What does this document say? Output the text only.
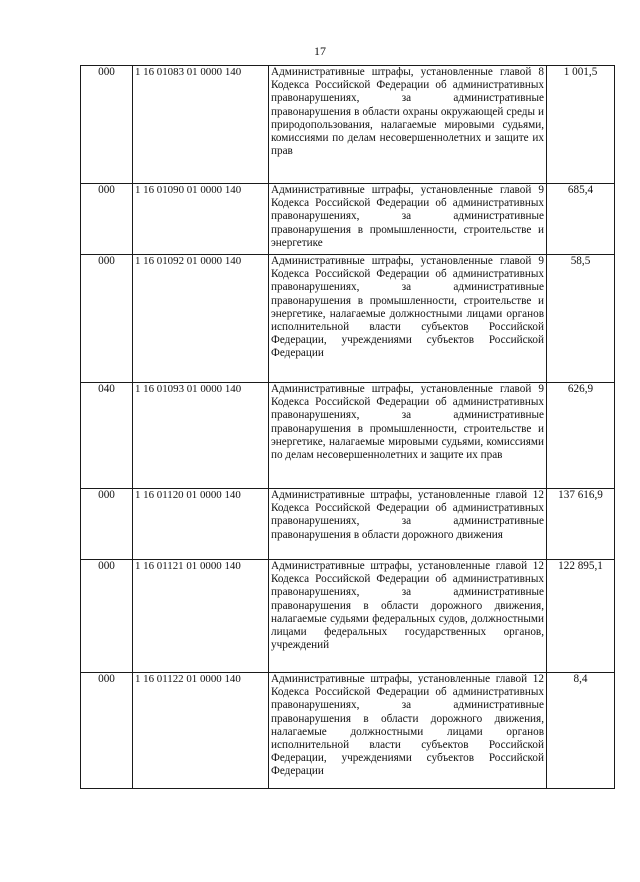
17
000	1 16 01083 01 0000 140	Административные штрафы, установленные главой 8 Кодекса Российской Федерации об административных правонарушениях, за административные правонарушения в области охраны окружающей среды и природопользования, налагаемые мировыми судьями, комиссиями по делам несовершеннолетних и защите их прав	1 001,5
000	1 16 01090 01 0000 140	Административные штрафы, установленные главой 9 Кодекса Российской Федерации об административных правонарушениях, за административные правонарушения в промышленности, строительстве и энергетике	685,4
000	1 16 01092 01 0000 140	Административные штрафы, установленные главой 9 Кодекса Российской Федерации об административных правонарушениях, за административные правонарушения в промышленности, строительстве и энергетике, налагаемые должностными лицами органов исполнительной власти субъектов Российской Федерации, учреждениями субъектов Российской Федерации	58,5
040	1 16 01093 01 0000 140	Административные штрафы, установленные главой 9 Кодекса Российской Федерации об административных правонарушениях, за административные правонарушения в промышленности, строительстве и энергетике, налагаемые мировыми судьями, комиссиями по делам несовершеннолетних и защите их прав	626,9
000	1 16 01120 01 0000 140	Административные штрафы, установленные главой 12 Кодекса Российской Федерации об административных правонарушениях, за административные правонарушения в области дорожного движения	137 616,9
000	1 16 01121 01 0000 140	Административные штрафы, установленные главой 12 Кодекса Российской Федерации об административных правонарушениях, за административные правонарушения в области дорожного движения, налагаемые судьями федеральных судов, должностными лицами федеральных государственных органов, учреждений	122 895,1
000	1 16 01122 01 0000 140	Административные штрафы, установленные главой 12 Кодекса Российской Федерации об административных правонарушениях, за административные правонарушения в области дорожного движения, налагаемые должностными лицами органов исполнительной власти субъектов Российской Федерации, учреждениями субъектов Российской Федерации	8,4
